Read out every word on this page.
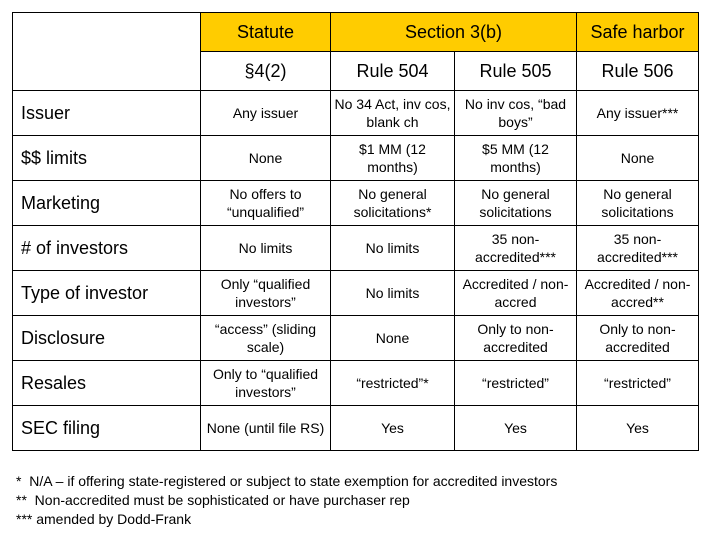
	Statute	Section 3(b)		Safe harbor
	§4(2)	Rule 504	Rule 505	Rule 506
Issuer	Any issuer	No 34 Act, inv cos, blank ch	No inv cos, “bad boys”	Any issuer***
$$ limits	None	$1 MM (12 months)	$5 MM (12 months)	None
Marketing	No offers to “unqualified”	No general solicitations*	No general solicitations	No general solicitations
# of investors	No limits	No limits	35 non-accredited***	35 non-accredited***
Type of investor	Only “qualified investors”	No limits	Accredited / non-accred	Accredited / non-accred**
Disclosure	“access” (sliding scale)	None	Only to non-accredited	Only to non-accredited
Resales	Only to “qualified investors”	“restricted”*	“restricted”	“restricted”
SEC filing	None (until file RS)	Yes	Yes	Yes
*  N/A – if offering state-registered or subject to state exemption for accredited investors
**  Non-accredited must be sophisticated or have purchaser rep
*** amended by Dodd-Frank
